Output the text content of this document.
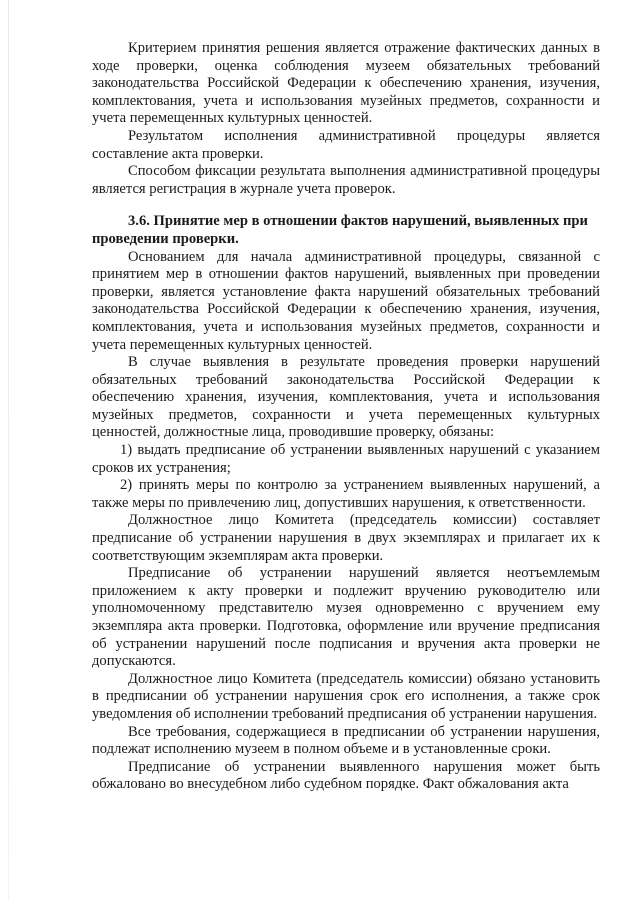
Критерием принятия решения является отражение фактических данных в ходе проверки, оценка соблюдения музеем обязательных требований законодательства Российской Федерации к обеспечению хранения, изучения, комплектования, учета и использования музейных предметов, сохранности и учета перемещенных культурных ценностей.

Результатом исполнения административной процедуры является составление акта проверки.

Способом фиксации результата выполнения административной процедуры является регистрация в журнале учета проверок.

3.6. Принятие мер в отношении фактов нарушений, выявленных при проведении проверки.

Основанием для начала административной процедуры, связанной с принятием мер в отношении фактов нарушений, выявленных при проведении проверки, является установление факта нарушений обязательных требований законодательства Российской Федерации к обеспечению хранения, изучения, комплектования, учета и использования музейных предметов, сохранности и учета перемещенных культурных ценностей.

В случае выявления в результате проведения проверки нарушений обязательных требований законодательства Российской Федерации к обеспечению хранения, изучения, комплектования, учета и использования музейных предметов, сохранности и учета перемещенных культурных ценностей, должностные лица, проводившие проверку, обязаны:

1) выдать предписание об устранении выявленных нарушений с указанием сроков их устранения;

2) принять меры по контролю за устранением выявленных нарушений, а также меры по привлечению лиц, допустивших нарушения, к ответственности.

Должностное лицо Комитета (председатель комиссии) составляет предписание об устранении нарушения в двух экземплярах и прилагает их к соответствующим экземплярам акта проверки.

Предписание об устранении нарушений является неотъемлемым приложением к акту проверки и подлежит вручению руководителю или уполномоченному представителю музея одновременно с вручением ему экземпляра акта проверки. Подготовка, оформление или вручение предписания об устранении нарушений после подписания и вручения акта проверки не допускаются.

Должностное лицо Комитета (председатель комиссии) обязано установить в предписании об устранении нарушения срок его исполнения, а также срок уведомления об исполнении требований предписания об устранении нарушения.

Все требования, содержащиеся в предписании об устранении нарушения, подлежат исполнению музеем в полном объеме и в установленные сроки.

Предписание об устранении выявленного нарушения может быть обжаловано во внесудебном либо судебном порядке. Факт обжалования акта
